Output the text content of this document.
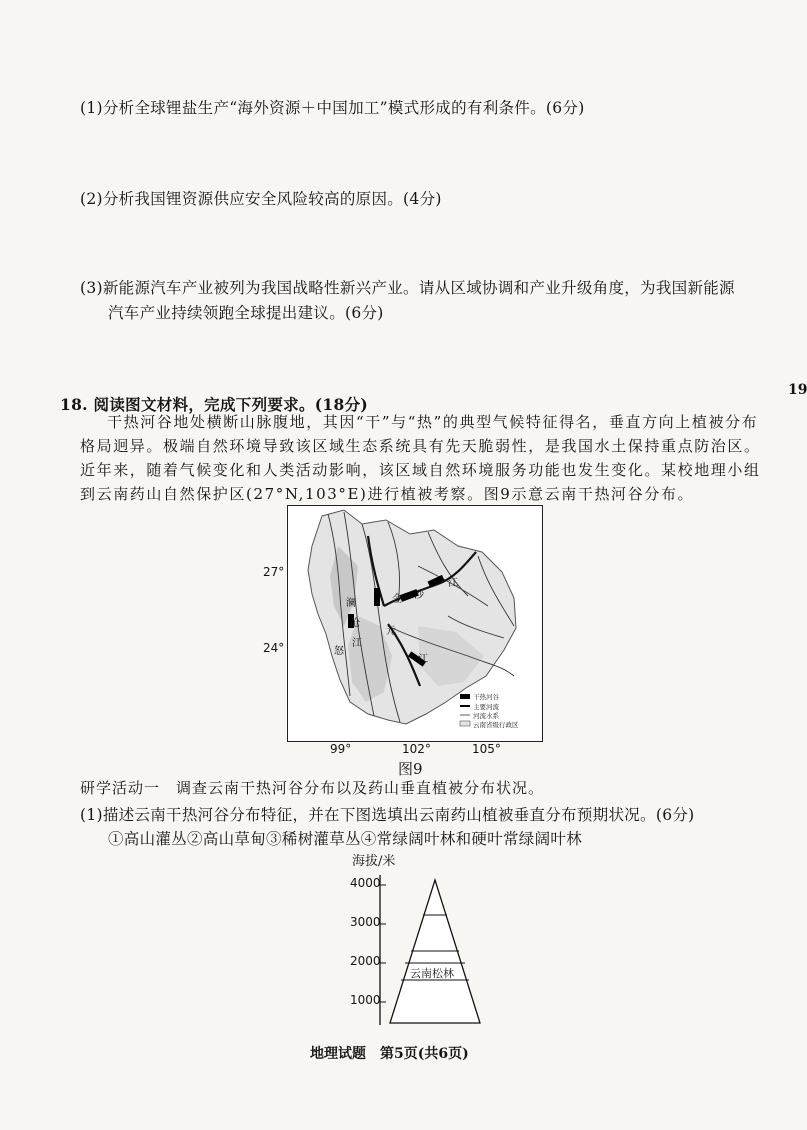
(1)分析全球锂盐生产“海外资源＋中国加工”模式形成的有利条件。(6分)
(2)分析我国锂资源供应安全风险较高的原因。(4分)
(3)新能源汽车产业被列为我国战略性新兴产业。请从区域协调和产业升级角度，为我国新能源
汽车产业持续领跑全球提出建议。(6分)
19
18. 阅读图文材料，完成下列要求。(18分)
干热河谷地处横断山脉腹地，其因“干”与“热”的典型气候特征得名，垂直方向上植被分布
格局迥异。极端自然环境导致该区域生态系统具有先天脆弱性，是我国水土保持重点防治区。
近年来，随着气候变化和人类活动影响，该区域自然环境服务功能也发生变化。某校地理小组
到云南药山自然保护区(27°N,103°E)进行植被考察。图9示意云南干热河谷分布。
金 沙
江
澜
沧
江
怒
元
江
干热河谷
主要河流
河流水系
云南省级行政区
27°
24°
99°	102°	105°
图9
研学活动一　调查云南干热河谷分布以及药山垂直植被分布状况。
(1)描述云南干热河谷分布特征，并在下图选填出云南药山植被垂直分布预期状况。(6分)
①高山灌丛②高山草甸③稀树灌草丛④常绿阔叶林和硬叶常绿阔叶林
海拔/米
4000
3000
2000
1000
云南松林
地理试题　第5页(共6页)
